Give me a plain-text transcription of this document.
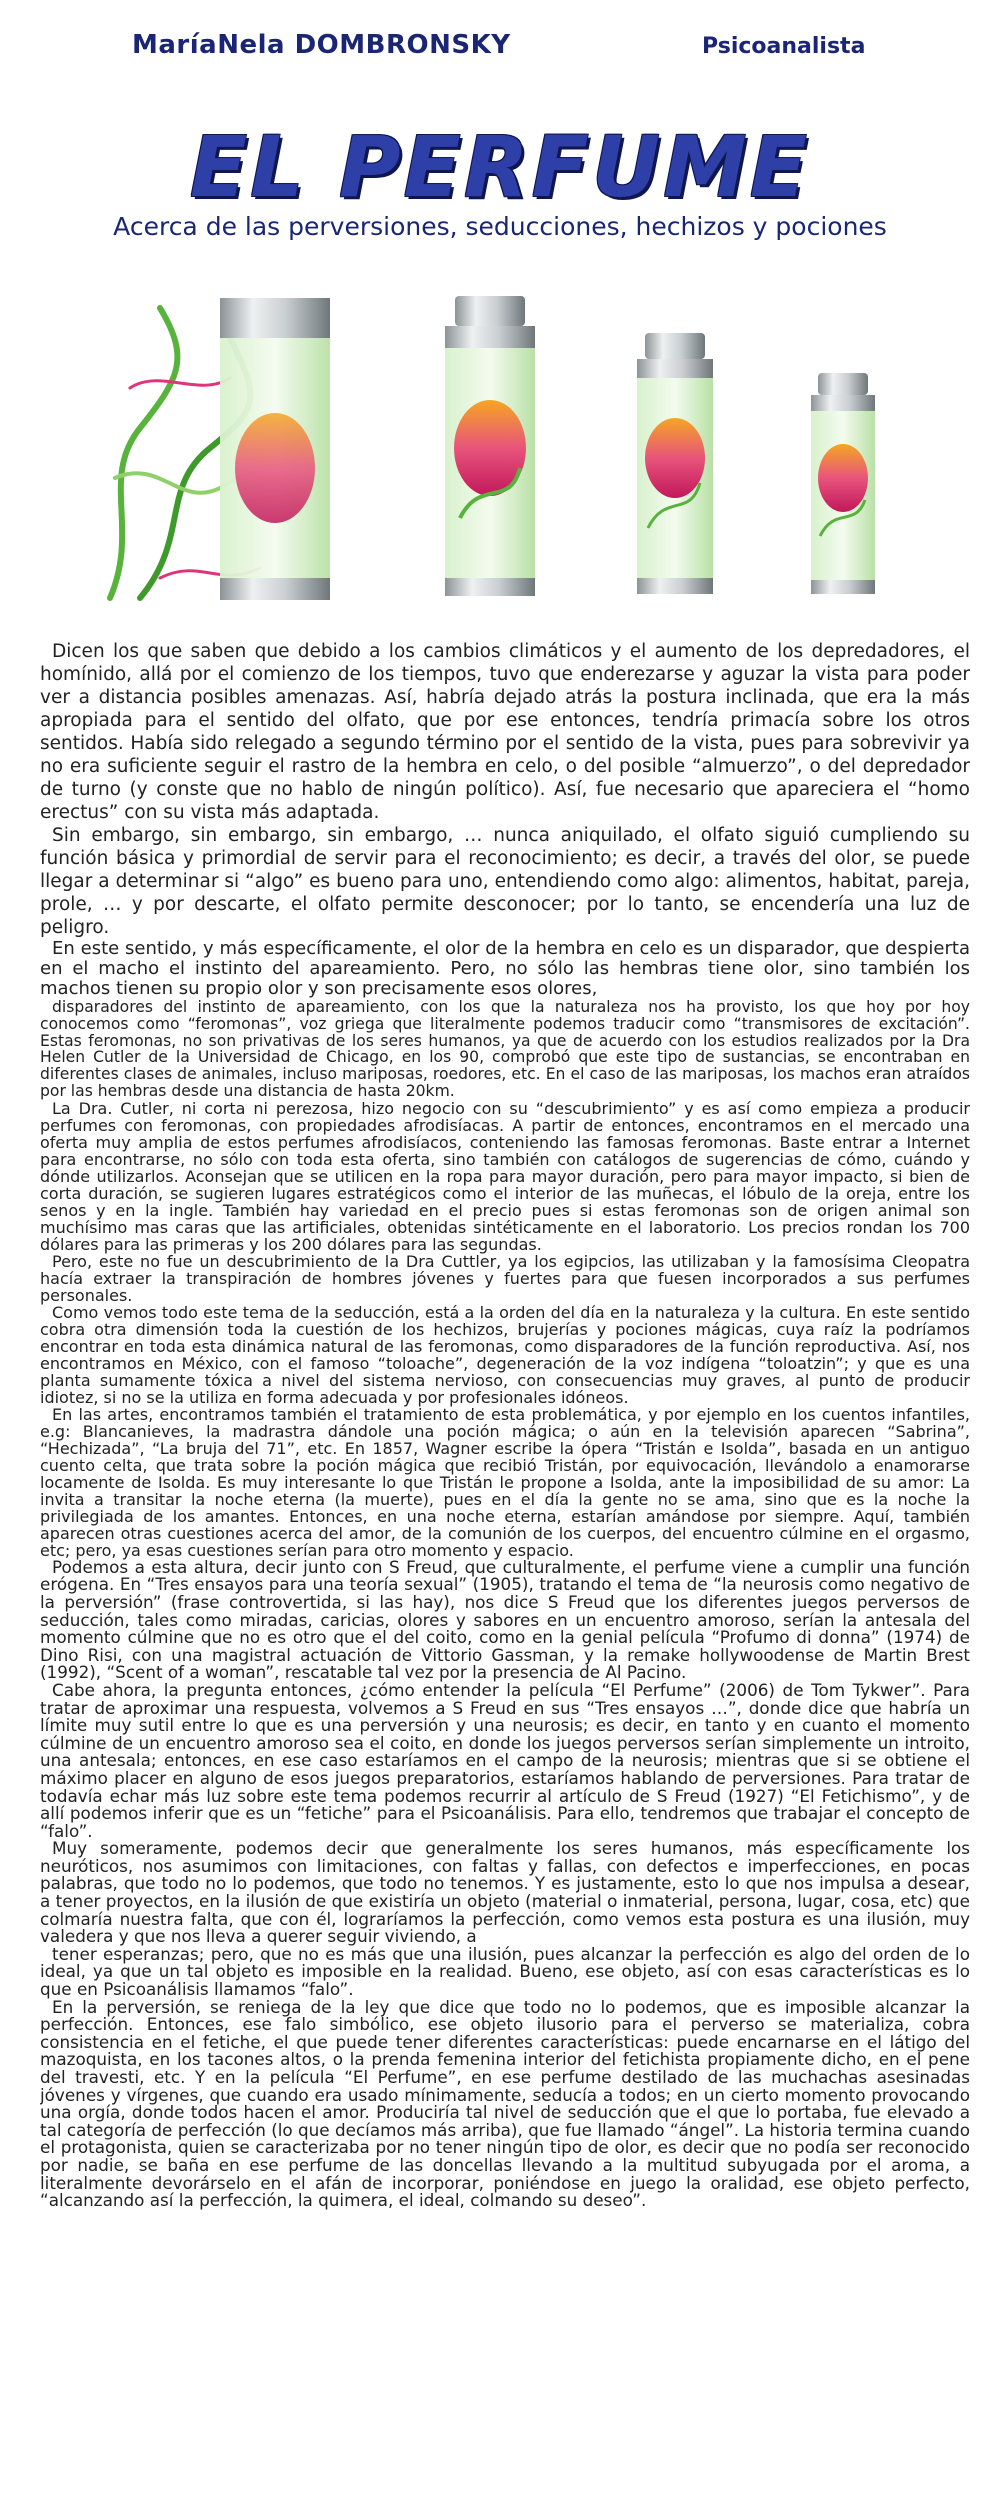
MaríaNela DOMBRONSKY	Psicoanalista
EL PERFUME
Acerca de las perversiones, seducciones, hechizos y pociones

Dicen los que saben que debido a los cambios climáticos y el aumento de los depredadores, el homínido, allá por el comienzo de los tiempos, tuvo que enderezarse y aguzar la vista para poder ver a distancia posibles amenazas. Así, habría dejado atrás la postura inclinada, que era la más apropiada para el sentido del olfato, que por ese entonces, tendría primacía sobre los otros sentidos. Había sido relegado a segundo término por el sentido de la vista, pues para sobrevivir ya no era suficiente seguir el rastro de la hembra en celo, o del posible “almuerzo”, o del depredador de turno (y conste que no hablo de ningún político). Así, fue necesario que apareciera el “homo erectus” con su vista más adaptada.

Sin embargo, sin embargo, sin embargo, … nunca aniquilado, el olfato siguió cumpliendo su función básica y primordial de servir para el reconocimiento; es decir, a través del olor, se puede llegar a determinar si “algo” es bueno para uno, entendiendo como algo: alimentos, habitat, pareja, prole, … y por descarte, el olfato permite desconocer; por lo tanto, se encendería una luz de peligro.

En este sentido, y más específicamente, el olor de la hembra en celo es un disparador, que despierta en el macho el instinto del apareamiento. Pero, no sólo las hembras tiene olor, sino también los machos tienen su propio olor y son precisamente esos olores,

disparadores del instinto de apareamiento, con los que la naturaleza nos ha provisto, los que hoy por hoy conocemos como “feromonas”, voz griega que literalmente podemos traducir como “transmisores de excitación”. Estas feromonas, no son privativas de los seres humanos, ya que de acuerdo con los estudios realizados por la Dra Helen Cutler de la Universidad de Chicago, en los 90, comprobó que este tipo de sustancias, se encontraban en diferentes clases de animales, incluso mariposas, roedores, etc. En el caso de las mariposas, los machos eran atraídos por las hembras desde una distancia de hasta 20km.

La Dra. Cutler, ni corta ni perezosa, hizo negocio con su “descubrimiento” y es así como empieza a producir perfumes con feromonas, con propiedades afrodisíacas. A partir de entonces, encontramos en el mercado una oferta muy amplia de estos perfumes afrodisíacos, conteniendo las famosas feromonas. Baste entrar a Internet para encontrarse, no sólo con toda esta oferta, sino también con catálogos de sugerencias de cómo, cuándo y dónde utilizarlos. Aconsejan que se utilicen en la ropa para mayor duración, pero para mayor impacto, si bien de corta duración, se sugieren lugares estratégicos como el interior de las muñecas, el lóbulo de la oreja, entre los senos y en la ingle. También hay variedad en el precio pues si estas feromonas son de origen animal son muchísimo mas caras que las artificiales, obtenidas sintéticamente en el laboratorio. Los precios rondan los 700 dólares para las primeras y los 200 dólares para las segundas.

Pero, este no fue un descubrimiento de la Dra Cuttler, ya los egipcios, las utilizaban y la famosísima Cleopatra hacía extraer la transpiración de hombres jóvenes y fuertes para que fuesen incorporados a sus perfumes personales.

Como vemos todo este tema de la seducción, está a la orden del día en la naturaleza y la cultura. En este sentido cobra otra dimensión toda la cuestión de los hechizos, brujerías y pociones mágicas, cuya raíz la podríamos encontrar en toda esta dinámica natural de las feromonas, como disparadores de la función reproductiva. Así, nos encontramos en México, con el famoso “toloache”, degeneración de la voz indígena “toloatzin”; y que es una planta sumamente tóxica a nivel del sistema nervioso, con consecuencias muy graves, al punto de producir idiotez, si no se la utiliza en forma adecuada y por profesionales idóneos.

En las artes, encontramos también el tratamiento de esta problemática, y por ejemplo en los cuentos infantiles, e.g: Blancanieves, la madrastra dándole una poción mágica; o aún en la televisión aparecen “Sabrina”, “Hechizada”, “La bruja del 71”, etc. En 1857, Wagner escribe la ópera “Tristán e Isolda”, basada en un antiguo cuento celta, que trata sobre la poción mágica que recibió Tristán, por equivocación, llevándolo a enamorarse locamente de Isolda. Es muy interesante lo que Tristán le propone a Isolda, ante la imposibilidad de su amor: La invita a transitar la noche eterna (la muerte), pues en el día la gente no se ama, sino que es la noche la privilegiada de los amantes. Entonces, en una noche eterna, estarían amándose por siempre. Aquí, también aparecen otras cuestiones acerca del amor, de la comunión de los cuerpos, del encuentro cúlmine en el orgasmo, etc; pero, ya esas cuestiones serían para otro momento y espacio.

Podemos a esta altura, decir junto con S Freud, que culturalmente, el perfume viene a cumplir una función erógena. En “Tres ensayos para una teoría sexual” (1905), tratando el tema de “la neurosis como negativo de la perversión” (frase controvertida, si las hay), nos dice S Freud que los diferentes juegos perversos de seducción, tales como miradas, caricias, olores y sabores en un encuentro amoroso, serían la antesala del momento cúlmine que no es otro que el del coito, como en la genial película “Profumo di donna” (1974) de Dino Risi, con una magistral actuación de Vittorio Gassman, y la remake hollywoodense de Martin Brest (1992), “Scent of a woman”, rescatable tal vez por la presencia de Al Pacino.

Cabe ahora, la pregunta entonces, ¿cómo entender la película “El Perfume” (2006) de Tom Tykwer”. Para tratar de aproximar una respuesta, volvemos a S Freud en sus “Tres ensayos …”, donde dice que habría un límite muy sutil entre lo que es una perversión y una neurosis; es decir, en tanto y en cuanto el momento cúlmine de un encuentro amoroso sea el coito, en donde los juegos perversos serían simplemente un introito, una antesala; entonces, en ese caso estaríamos en el campo de la neurosis; mientras que si se obtiene el máximo placer en alguno de esos juegos preparatorios, estaríamos hablando de perversiones. Para tratar de todavía echar más luz sobre este tema podemos recurrir al artículo de S Freud (1927) “El Fetichismo”, y de allí podemos inferir que es un “fetiche” para el Psicoanálisis. Para ello, tendremos que trabajar el concepto de “falo”.

Muy someramente, podemos decir que generalmente los seres humanos, más específicamente los neuróticos, nos asumimos con limitaciones, con faltas y fallas, con defectos e imperfecciones, en pocas palabras, que todo no lo podemos, que todo no tenemos. Y es justamente, esto lo que nos impulsa a desear, a tener proyectos, en la ilusión de que existiría un objeto (material o inmaterial, persona, lugar, cosa, etc) que colmaría nuestra falta, que con él, lograríamos la perfección, como vemos esta postura es una ilusión, muy valedera y que nos lleva a querer seguir viviendo, a

tener esperanzas; pero, que no es más que una ilusión, pues alcanzar la perfección es algo del orden de lo ideal, ya que un tal objeto es imposible en la realidad. Bueno, ese objeto, así con esas características es lo que en Psicoanálisis llamamos “falo”.

En la perversión, se reniega de la ley que dice que todo no lo podemos, que es imposible alcanzar la perfección. Entonces, ese falo simbólico, ese objeto ilusorio para el perverso se materializa, cobra consistencia en el fetiche, el que puede tener diferentes características: puede encarnarse en el látigo del mazoquista, en los tacones altos, o la prenda femenina interior del fetichista propiamente dicho, en el pene del travesti, etc. Y en la película “El Perfume”, en ese perfume destilado de las muchachas asesinadas jóvenes y vírgenes, que cuando era usado mínimamente, seducía a todos; en un cierto momento provocando una orgía, donde todos hacen el amor. Produciría tal nivel de seducción que el que lo portaba, fue elevado a tal categoría de perfección (lo que decíamos más arriba), que fue llamado “ángel”. La historia termina cuando el protagonista, quien se caracterizaba por no tener ningún tipo de olor, es decir que no podía ser reconocido por nadie, se baña en ese perfume de las doncellas llevando a la multitud subyugada por el aroma, a literalmente devorárselo en el afán de incorporar, poniéndose en juego la oralidad, ese objeto perfecto, “alcanzando así la perfección, la quimera, el ideal, colmando su deseo”.
